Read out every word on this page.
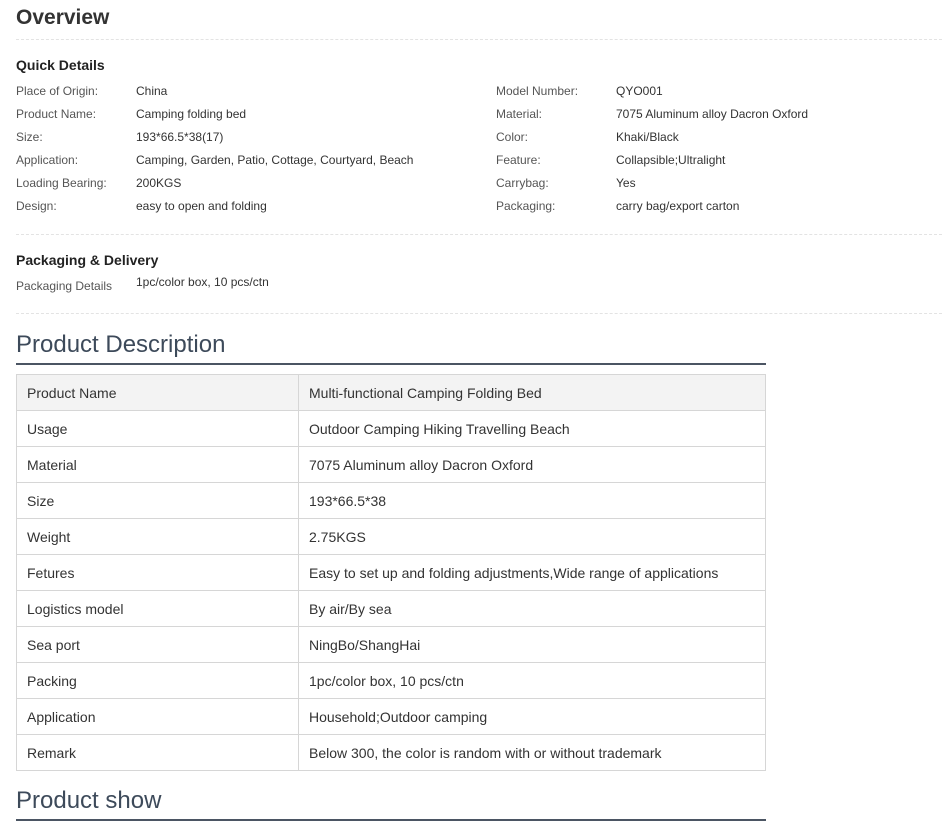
Overview
Quick Details
Place of Origin:	China
Product Name:	Camping folding bed
Size:	193*66.5*38(17)
Application:	Camping, Garden, Patio, Cottage, Courtyard, Beach
Loading Bearing: 200KGS
Design:	easy to open and folding
Model Number:	QYO001
Material:	7075 Aluminum alloy Dacron Oxford
Color:	Khaki/Black
Feature:	Collapsible;Ultralight
Carrybag:	Yes
Packaging:	carry bag/export carton
Packaging & Delivery
Packaging Details 1pc/color box, 10 pcs/ctn
Product Description
Product Name	Multi-functional Camping Folding Bed
Usage	Outdoor Camping Hiking Travelling Beach
Material	7075 Aluminum alloy Dacron Oxford
Size	193*66.5*38
Weight	2.75KGS
Fetures	Easy to set up and folding adjustments,Wide range of applications
Logistics model	By air/By sea
Sea port	NingBo/ShangHai
Packing	1pc/color box, 10 pcs/ctn
Application	Household;Outdoor camping
Remark	Below 300, the color is random with or without trademark
Product show
